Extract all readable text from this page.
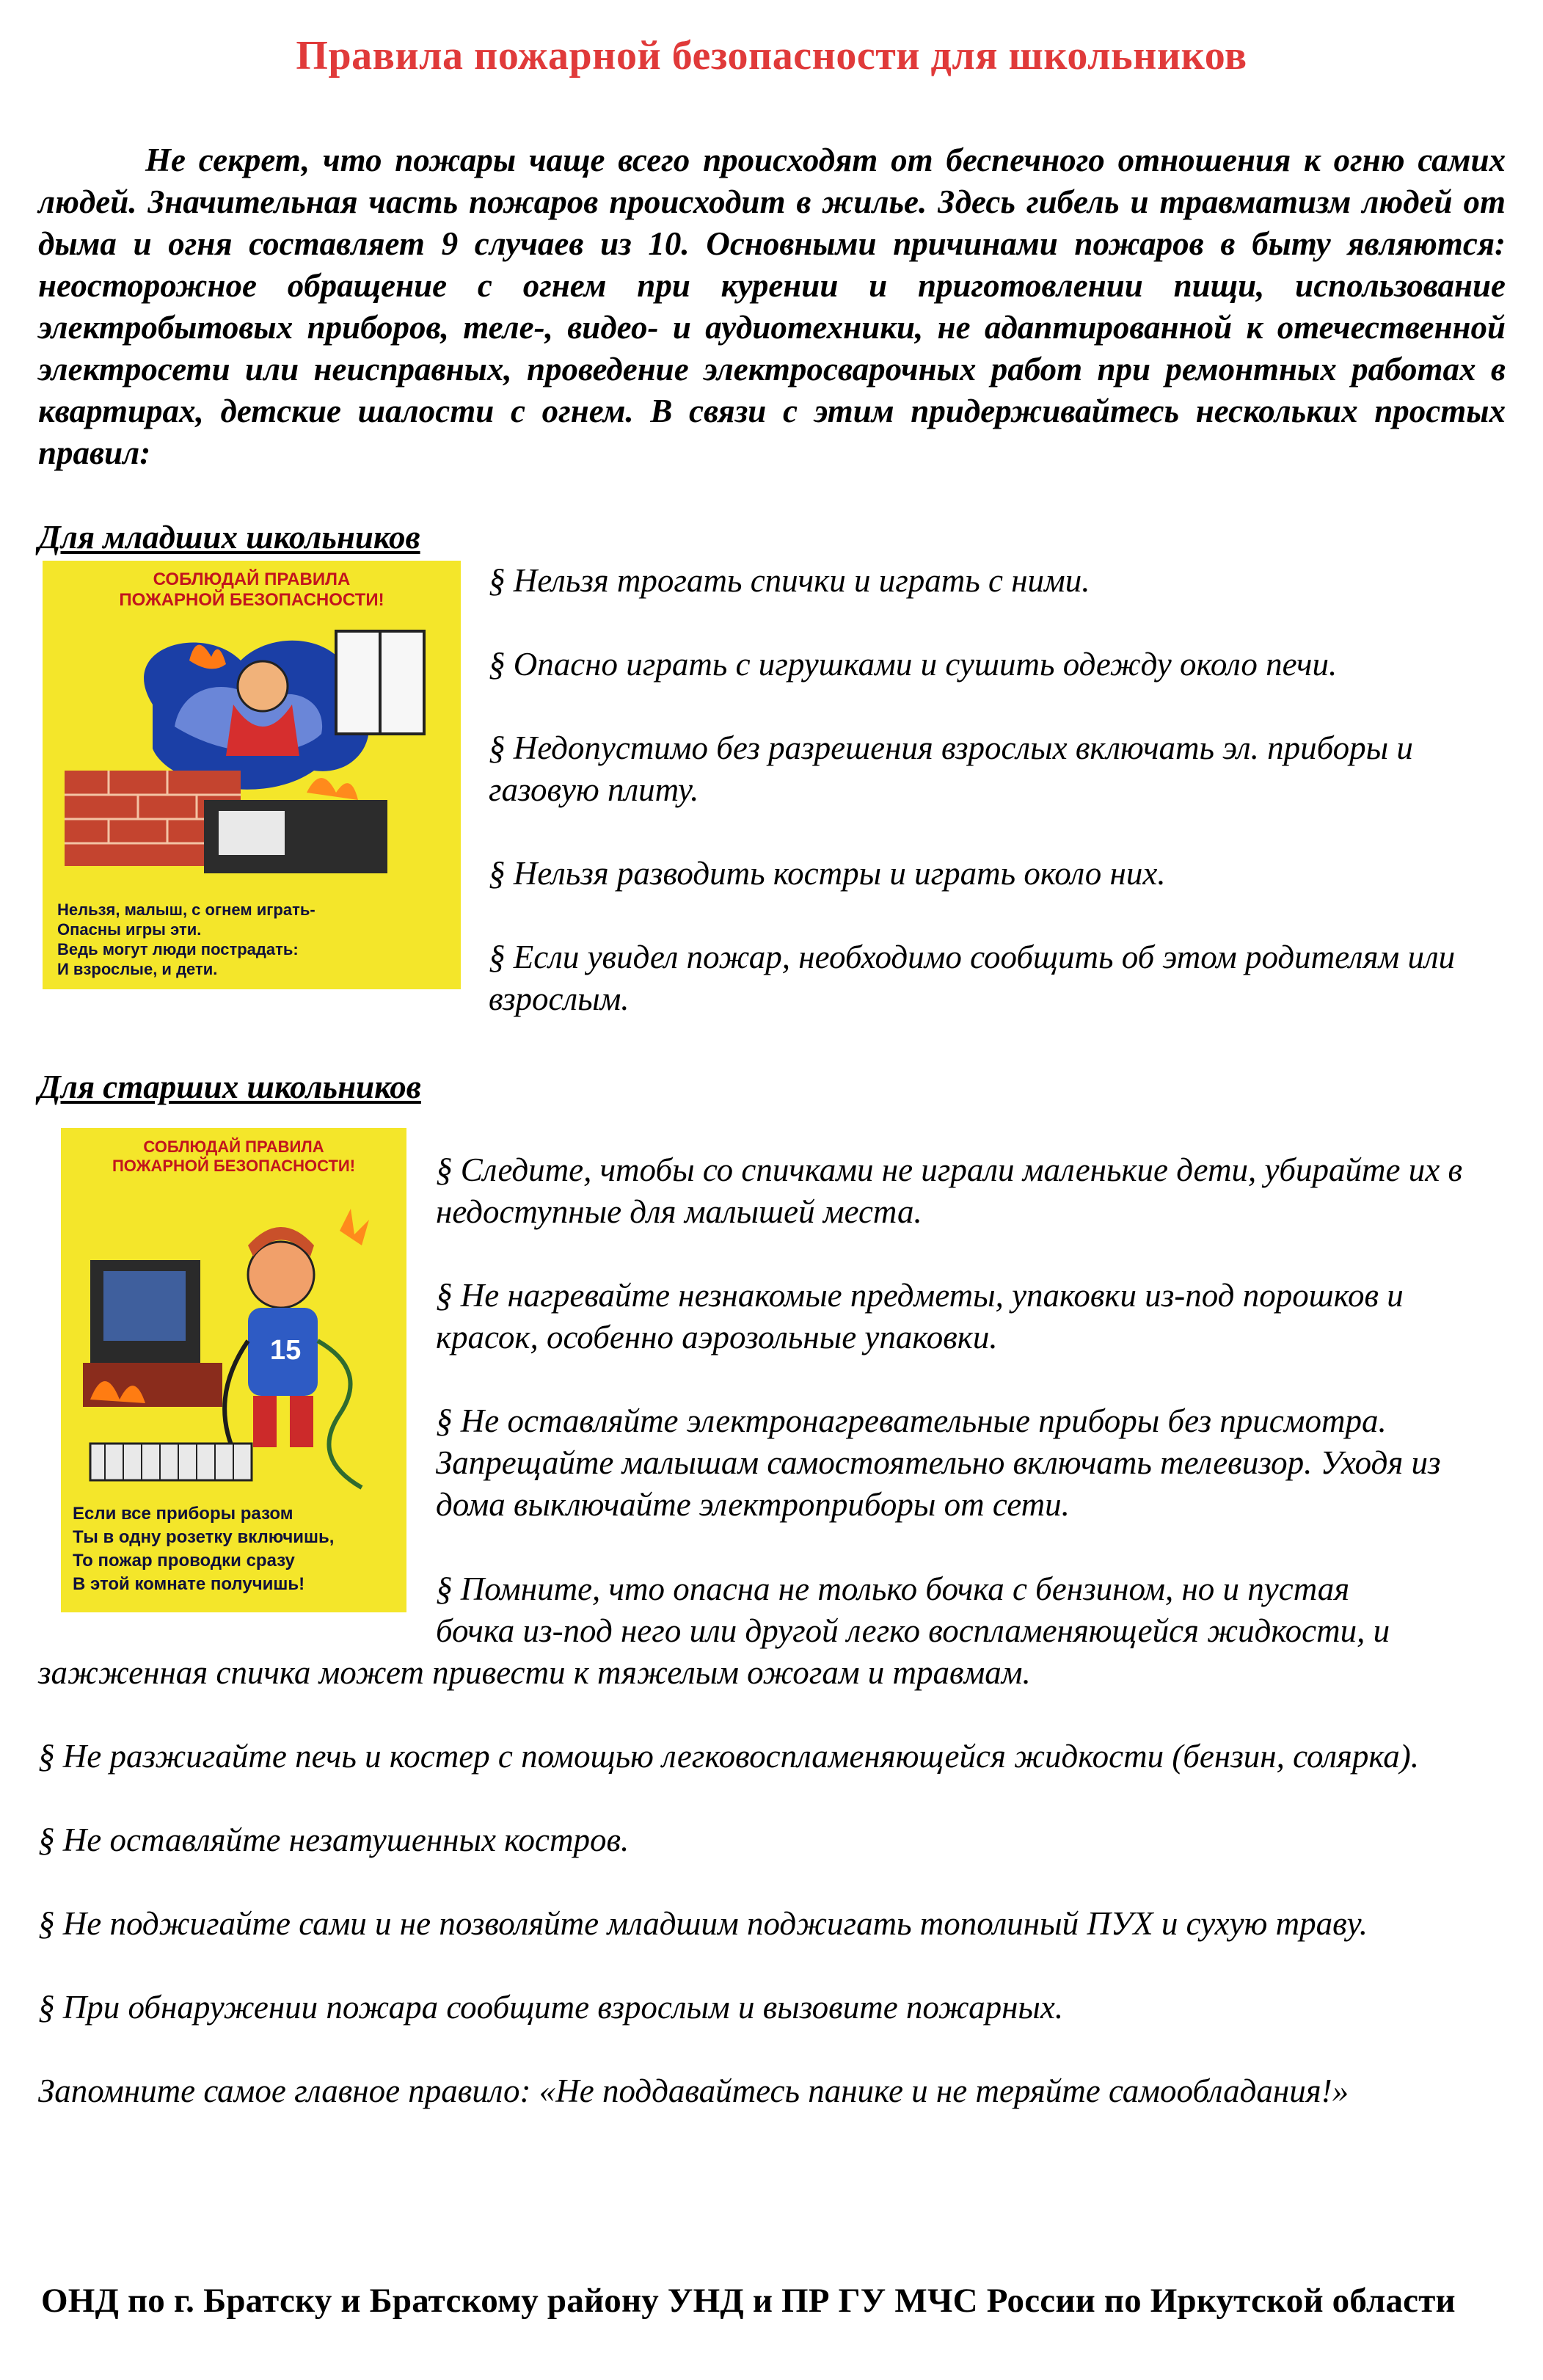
Правила пожарной безопасности для школьников
Не секрет, что пожары чаще всего происходят от беспечного отношения к огню самих людей. Значительная часть пожаров происходит в жилье. Здесь гибель и травматизм людей от дыма и огня составляет 9 случаев из 10. Основными причинами пожаров в быту являются: неосторожное обращение с огнем при курении и приготовлении пищи, использование электробытовых приборов, теле-, видео- и аудиотехники, не адаптированной к отечественной электросети или неисправных, проведение электросварочных работ при ремонтных работах в квартирах, детские шалости с огнем. В связи с этим придерживайтесь нескольких простых правил:
Для младших школьников
СОБЛЮДАЙ ПРАВИЛА
ПОЖАРНОЙ БЕЗОПАСНОСТИ!
Нельзя, малыш, с огнем играть-
Опасны игры эти.
Ведь могут люди пострадать:
И взрослые, и дети.
§ Нельзя трогать спички и играть с ними.
§ Опасно играть с игрушками и сушить одежду около печи.
§ Недопустимо без разрешения взрослых включать эл. приборы и газовую плиту.
§ Нельзя разводить костры и играть около них.
§ Если увидел пожар, необходимо сообщить об этом родителям или взрослым.
Для старших школьников
СОБЛЮДАЙ ПРАВИЛА
ПОЖАРНОЙ БЕЗОПАСНОСТИ!
15
Если все приборы разом
Ты в одну розетку включишь,
То пожар проводки сразу
В этой комнате получишь!
§ Следите, чтобы со спичками не играли маленькие дети, убирайте их в недоступные для малышей места.
§ Не нагревайте незнакомые предметы, упаковки из-под порошков и красок, особенно аэрозольные упаковки.
§ Не оставляйте электронагревательные приборы без присмотра. Запрещайте малышам самостоятельно включать телевизор. Уходя из дома выключайте электроприборы от сети.
§ Помните, что опасна не только бочка с бензином, но и пустая
бочка из-под него или другой легко воспламеняющейся жидкости, и
зажженная спичка может привести к тяжелым ожогам и травмам.
§ Не разжигайте печь и костер с помощью легковоспламеняющейся жидкости (бензин, солярка).
§ Не оставляйте незатушенных костров.
§ Не поджигайте сами и не позволяйте младшим поджигать тополиный ПУХ и сухую траву.
§ При обнаружении пожара сообщите взрослым и вызовите пожарных.
Запомните самое главное правило: «Не поддавайтесь панике и не теряйте самообладания!»
ОНД по г. Братску и Братскому району УНД и ПР ГУ МЧС России по Иркутской области
